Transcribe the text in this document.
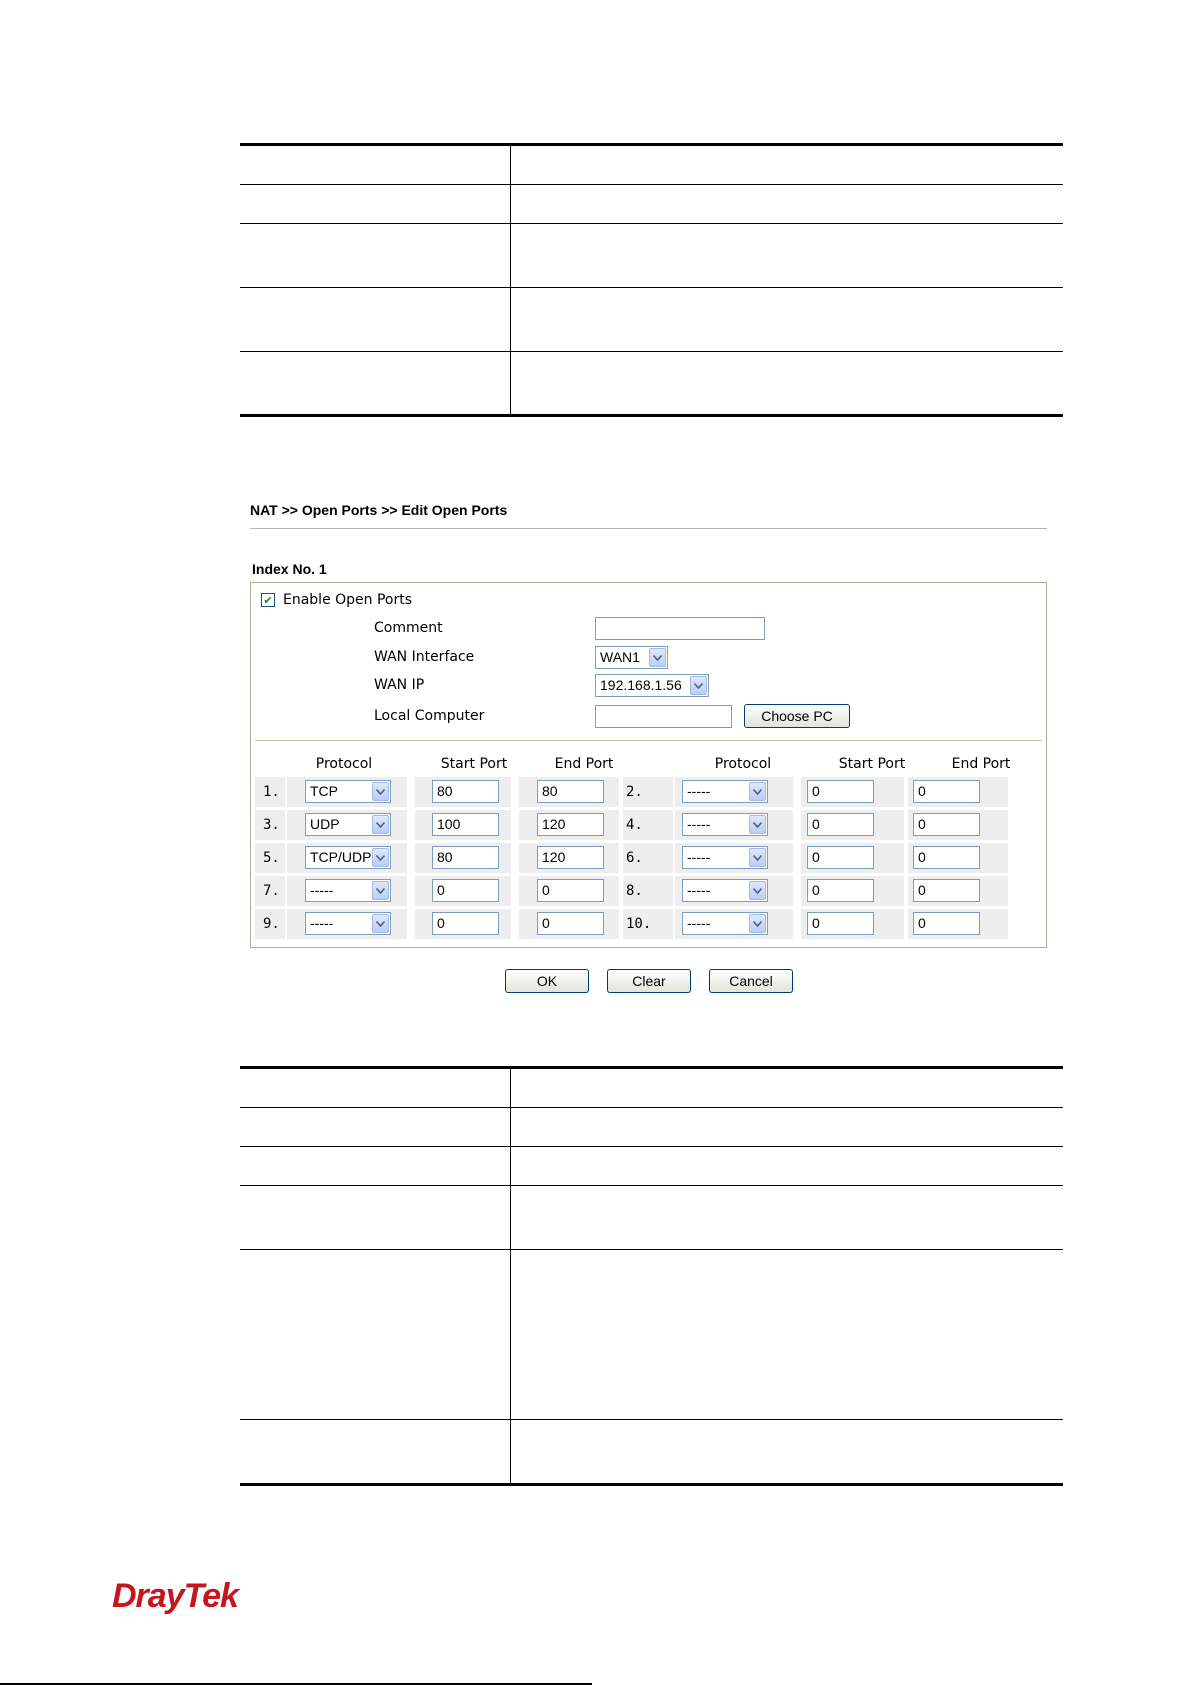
NAT >> Open Ports >> Edit Open Ports
Index No. 1
✔ Enable Open Ports
Comment
WAN Interface	WAN1
WAN IP	192.168.1.56
Local Computer	Choose PC
Protocol	Start Port	End Port	Protocol	Start Port	End Port
1.	TCP	80	80	2.	-----	0	0
3.	UDP	100	120	4.	-----	0	0
5.	TCP/UDP	80	120	6.	-----	0	0
7.	-----	0	0	8.	-----	0	0
9.	-----	0	0	10.	-----	0	0
OK	Clear	Cancel
DrayTek
